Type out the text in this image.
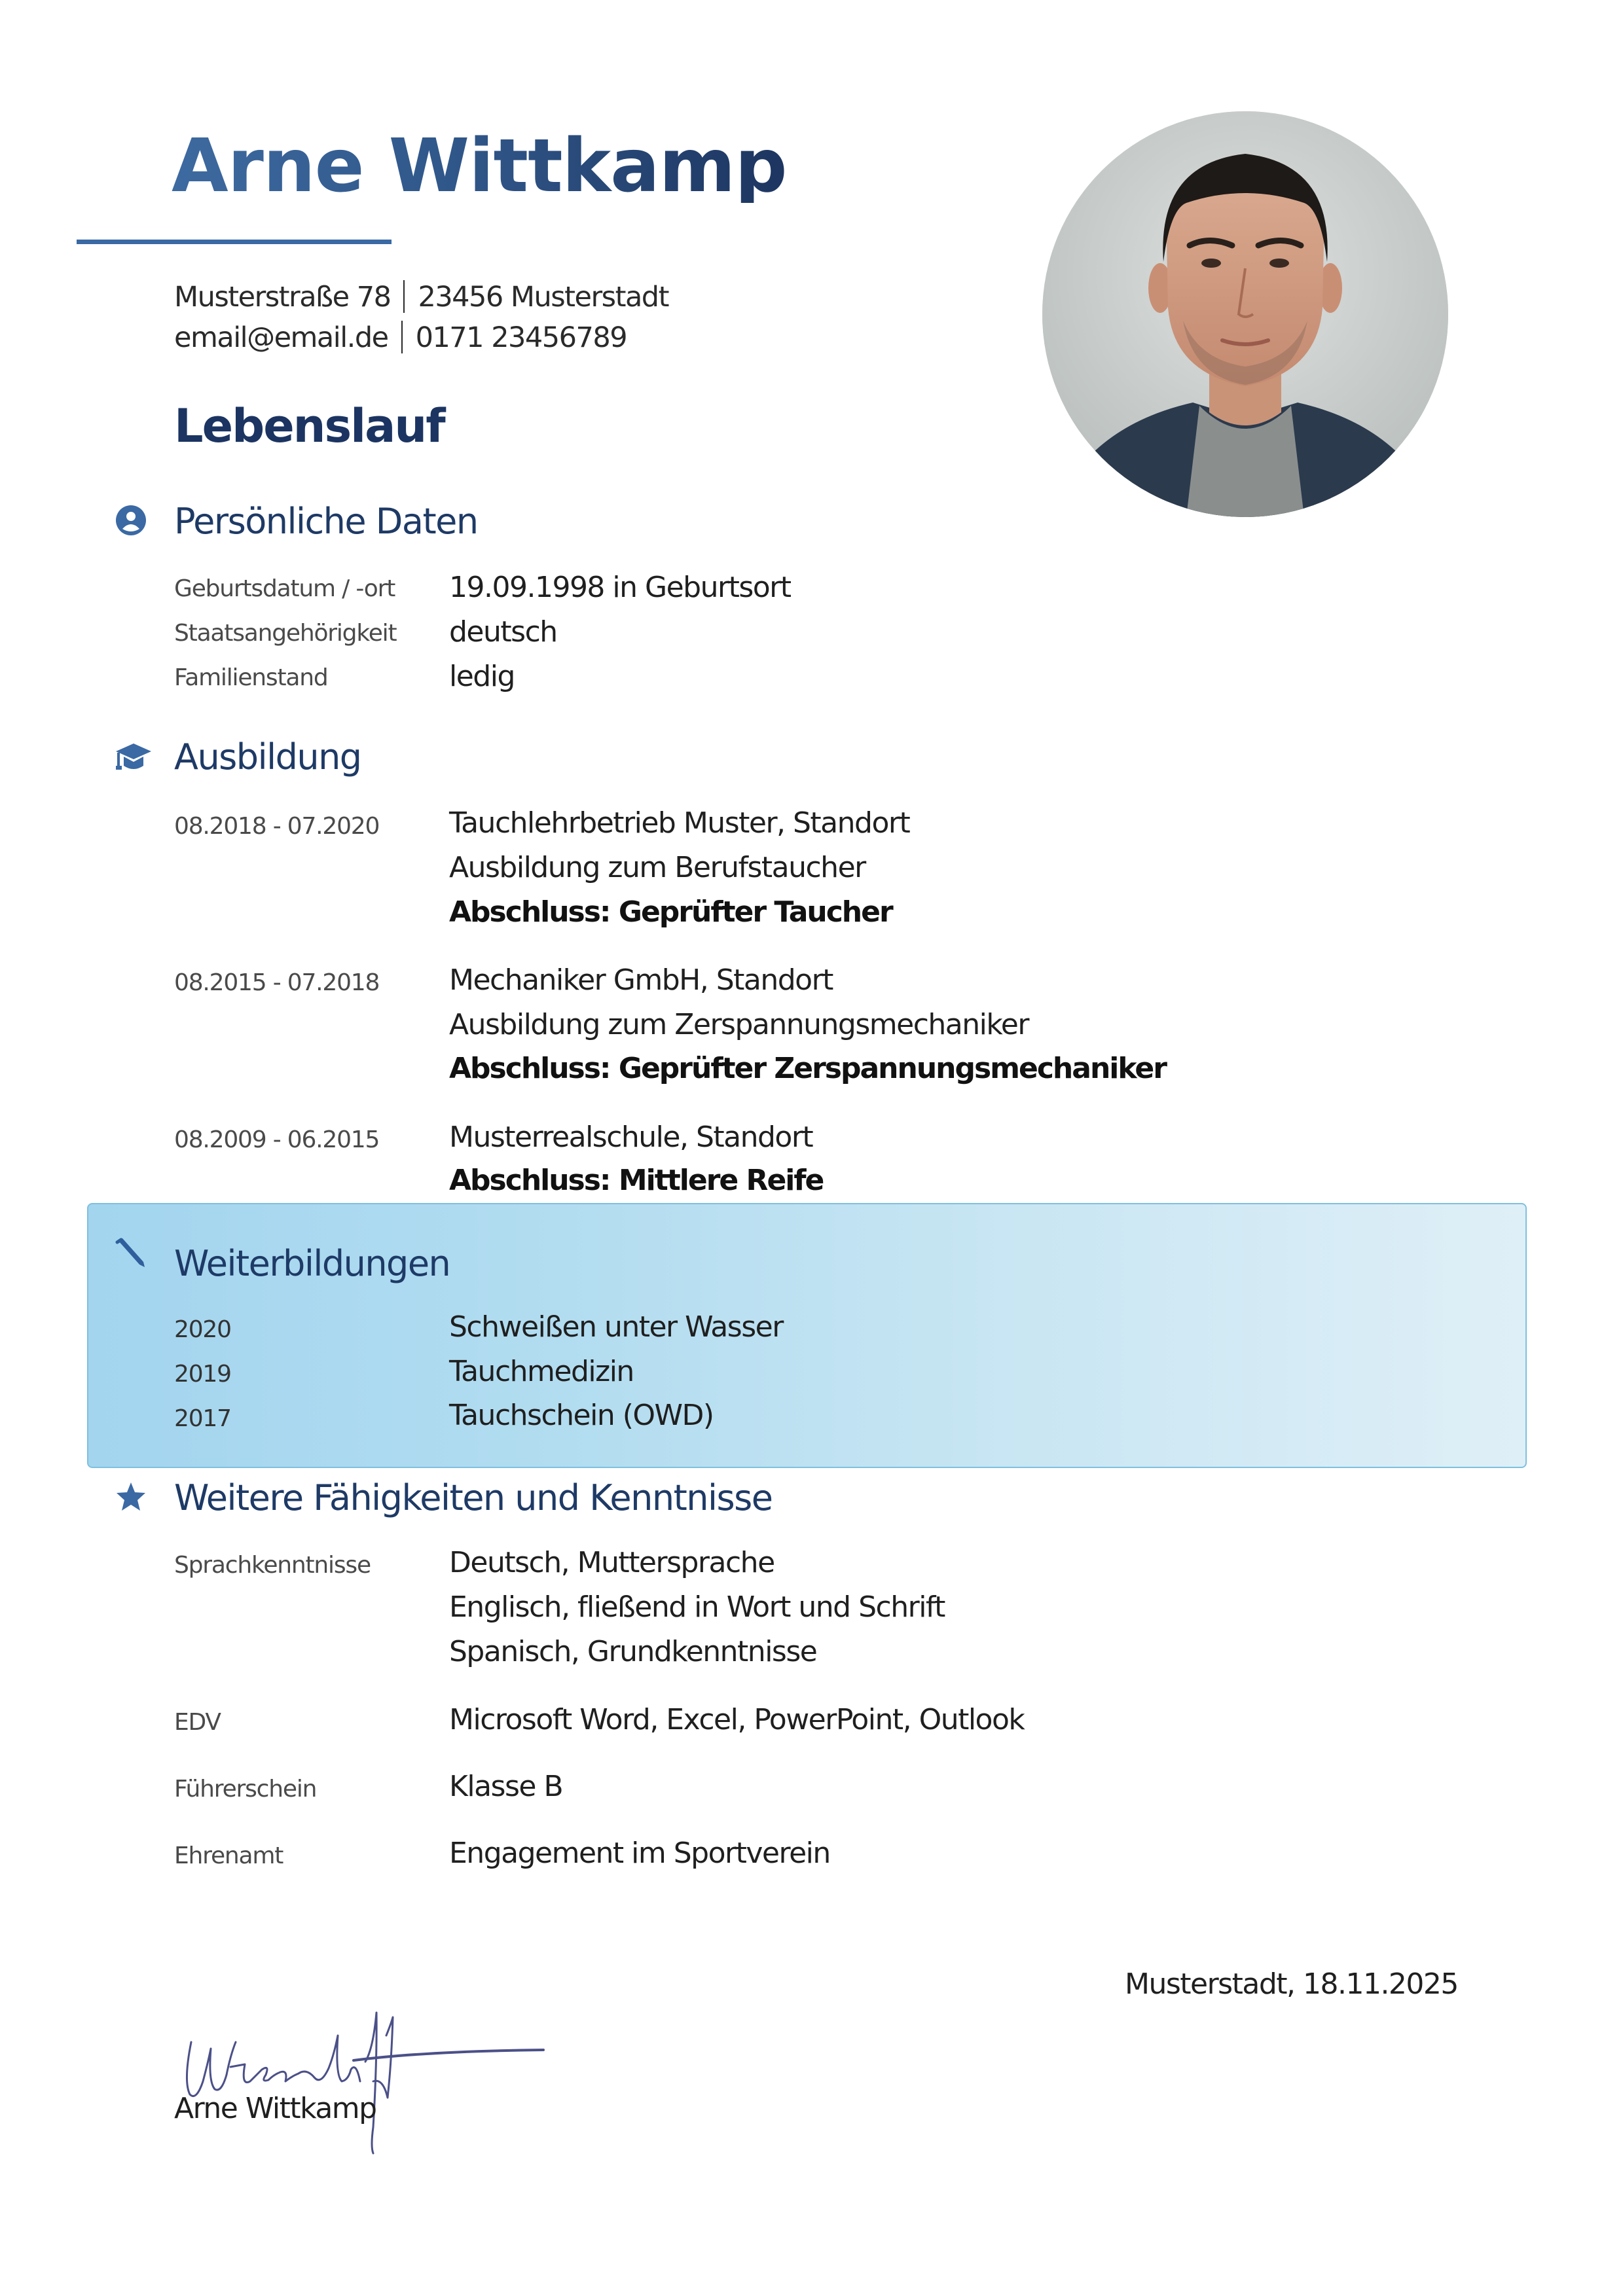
Arne Wittkamp
Musterstraße 78 23456 Musterstadt
email@email.de 0171 23456789
Lebenslauf
Persönliche Daten
Geburtsdatum / -ort 19.09.1998 in Geburtsort
Staatsangehörigkeit deutsch
Familienstand	ledig
Ausbildung
08.2018 - 07.2020 Tauchlehrbetrieb Muster, Standort
Ausbildung zum Berufstaucher
Abschluss: Geprüfter Taucher
08.2015 - 07.2018 Mechaniker GmbH, Standort
Ausbildung zum Zerspannungsmechaniker
Abschluss: Geprüfter Zerspannungsmechaniker
08.2009 - 06.2015 Musterrealschule, Standort
Abschluss: Mittlere Reife
Weiterbildungen
2020	Schweißen unter Wasser
2019	Tauchmedizin
2017	Tauchschein (OWD)
Weitere Fähigkeiten und Kenntnisse
Sprachkenntnisse	Deutsch, Muttersprache
Englisch, fließend in Wort und Schrift
Spanisch, Grundkenntnisse
EDV	Microsoft Word, Excel, PowerPoint, Outlook
Führerschein	Klasse B
Ehrenamt	Engagement im Sportverein
Musterstadt, 18.11.2025
Arne Wittkamp
